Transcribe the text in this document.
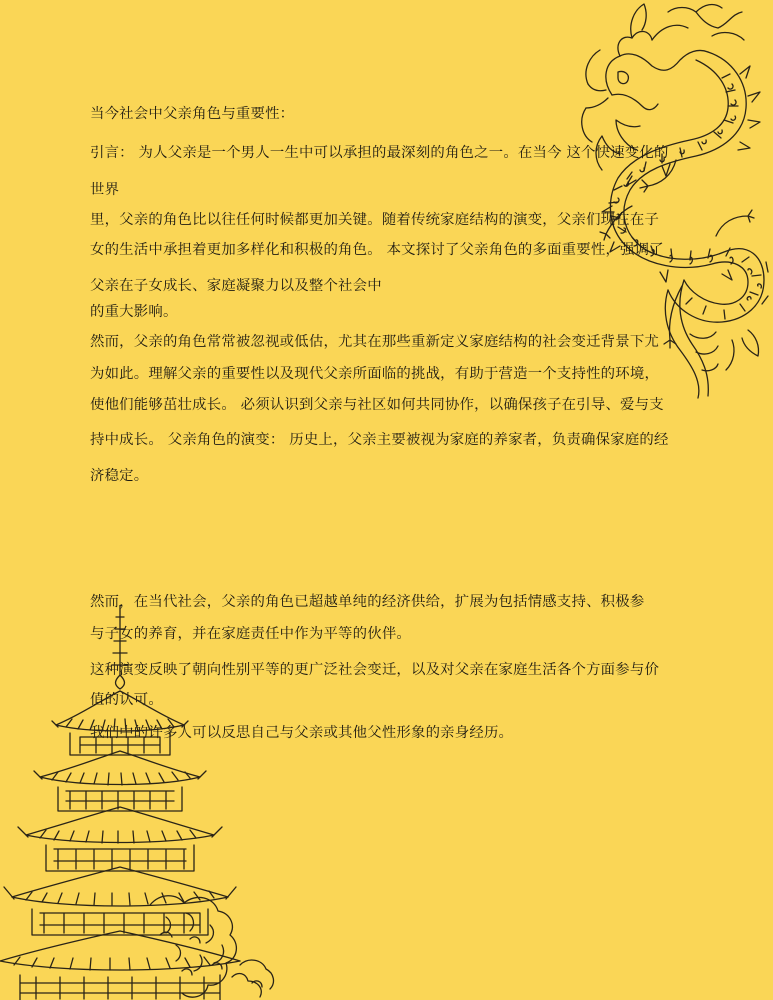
当今社会中父亲角色与重要性：
引言： 为人父亲是一个男人一生中可以承担的最深刻的角色之一。在当今 这个快速变化的
世界
里，父亲的角色比以往任何时候都更加关键。随着传统家庭结构的演变，父亲们现在在子
女的生活中承担着更加多样化和积极的角色。 本文探讨了父亲角色的多面重要性，强调了
父亲在子女成长、家庭凝聚力以及整个社会中
的重大影响。
然而，父亲的角色常常被忽视或低估，尤其在那些重新定义家庭结构的社会变迁背景下尤
为如此。理解父亲的重要性以及现代父亲所面临的挑战，有助于营造一个支持性的环境，
使他们能够茁壮成长。 必须认识到父亲与社区如何共同协作，以确保孩子在引导、爱与支
持中成长。 父亲角色的演变： 历史上，父亲主要被视为家庭的养家者，负责确保家庭的经
济稳定。
然而，在当代社会，父亲的角色已超越单纯的经济供给，扩展为包括情感支持、积极参
与子女的养育，并在家庭责任中作为平等的伙伴。
这种演变反映了朝向性别平等的更广泛社会变迁，以及对父亲在家庭生活各个方面参与价
值的认可。
我们中的许多人可以反思自己与父亲或其他父性形象的亲身经历。
